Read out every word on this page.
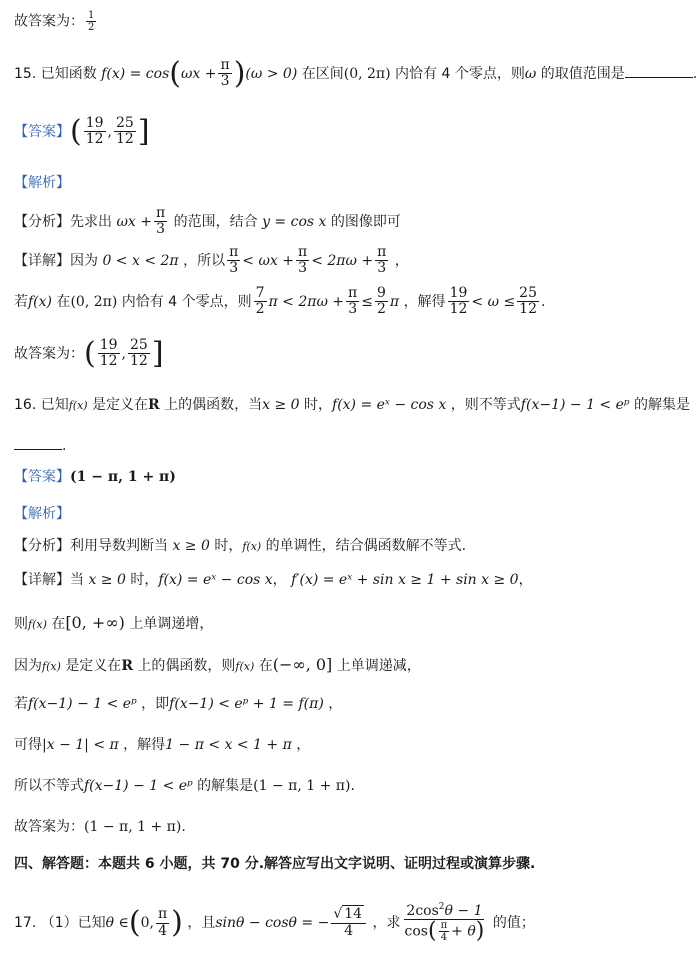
故答案为： $\frac{1}{2}$
15. 已知函数 $f(x) = \cos(\omega x + \frac{\pi}{3} )(\omega > 0)$ 在区间(0, 2π) 内恰有 4 个零点，则ω 的取值范围是	.
【答案】( $\frac{19}{12}$ , $\frac{25}{12}$ ]
【解析】
【分析】先求出 $\omega x + \frac{\pi}{3}$ 的范围，结合 y = cos x 的图像即可
【详解】因为 0 < x < 2π ，所以 $\frac{\pi}{3} < \omega x + \frac{\pi}{3} < 2\pi\omega + \frac{\pi}{3}$ ，
若f(x) 在(0, 2π) 内恰有 4 个零点，则 $\frac{7}{2}$ $\pi < 2\pi\omega + \frac{\pi}{3} \le \frac{9}{2}$ π ，解得 $\frac{19}{12} < \omega \le \frac{25}{12}$ .
故答案为：( $\frac{19}{12}$ , $\frac{25}{12}$ ]
16. 已知f(x) 是定义在R 上的偶函数，当x ≥ 0 时，f(x) = eˣ − cos x ，则不等式f(x−1) − 1 < eᵖ 的解集是
.
【答案】(1 − π, 1 + π)
【解析】
【分析】利用导数判断当 x ≥ 0 时，f(x) 的单调性，结合偶函数解不等式.
【详解】当 x ≥ 0 时，f(x) = eˣ − cos x， f′(x) = eˣ + sin x ≥ 1 + sin x ≥ 0，
则f(x) 在[0, +∞) 上单调递增，
因为f(x) 是定义在R 上的偶函数，则f(x) 在(−∞, 0] 上单调递减，
若f(x−1) − 1 < eᵖ ，即f(x−1) < eᵖ + 1 = f(π) ，
可得|x − 1| < π ，解得1 − π < x < 1 + π ，
所以不等式f(x−1) − 1 < eᵖ 的解集是(1 − π, 1 + π).
故答案为：(1 − π, 1 + π).
四、解答题：本题共 6 小题，共 70 分.解答应写出文字说明、证明过程或演算步骤.
17. （1）已知θ ∈(0, $\frac{\pi}{4}$ ) ，且sinθ − cosθ = − $\frac{√ 14}{4}$ ，求 $\frac{2\cos^2\theta - 1}{\cos( \frac{\pi}{4} + \theta)}$ 的值；
